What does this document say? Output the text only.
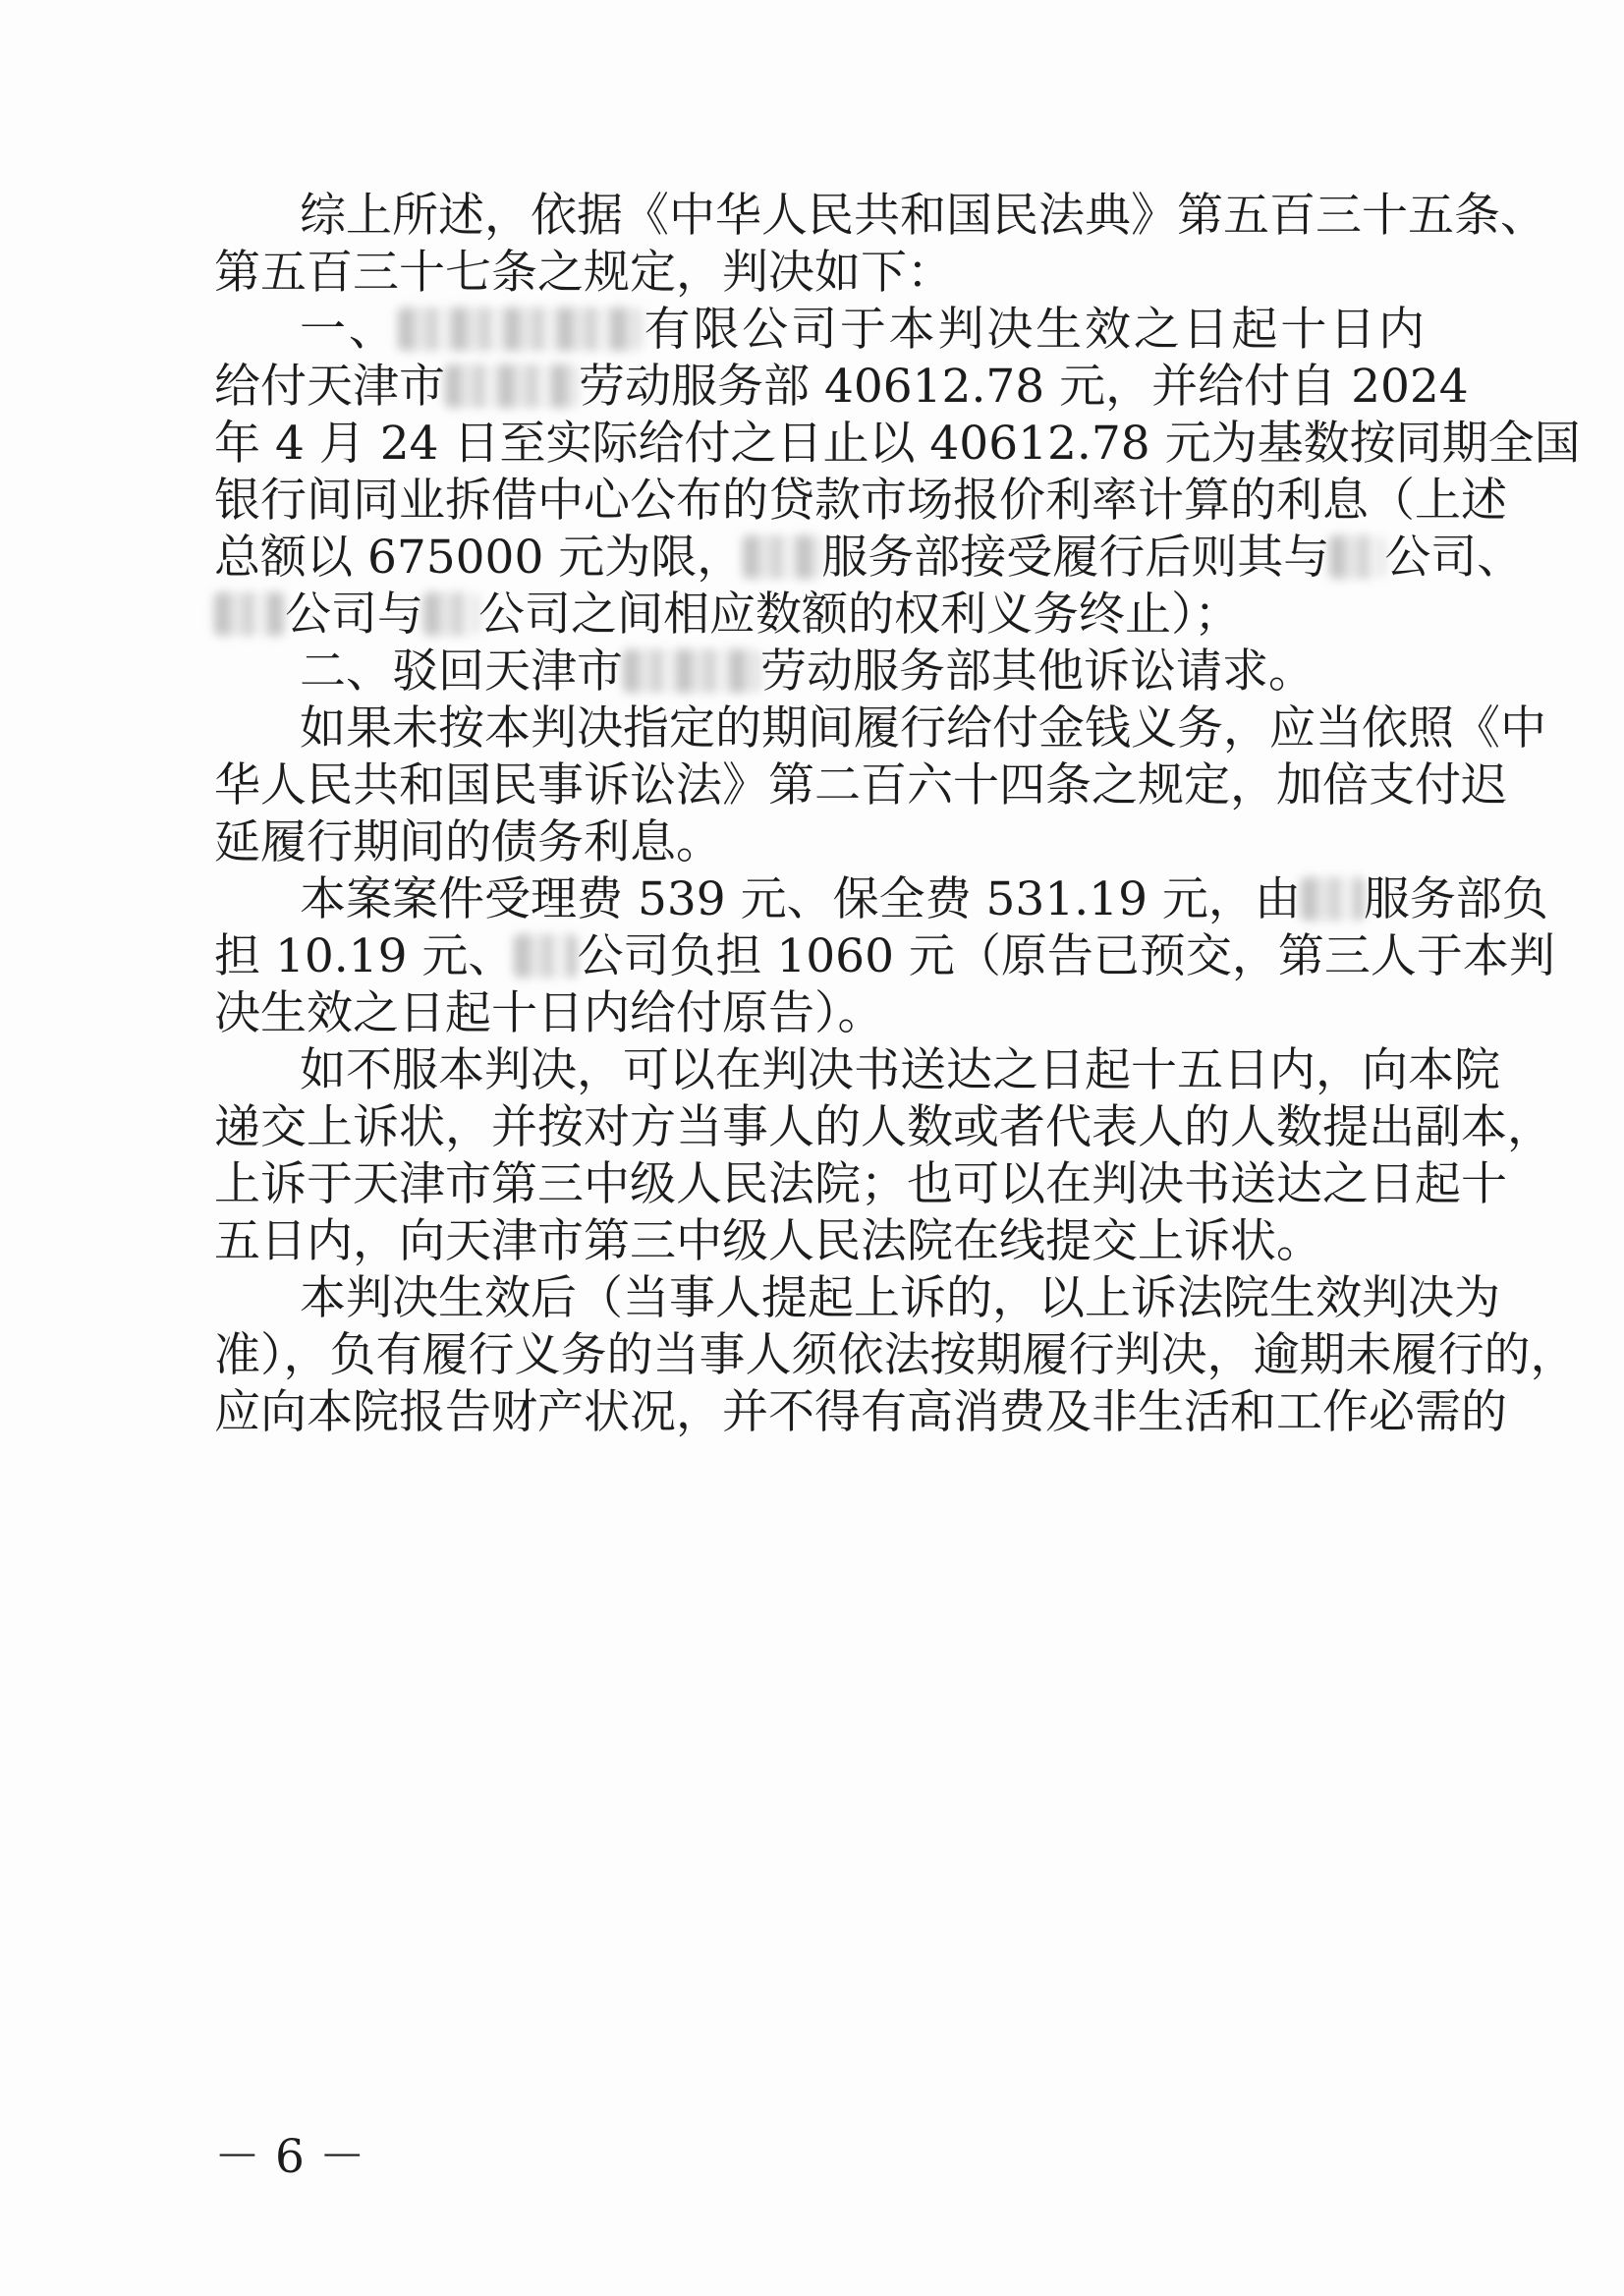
综上所述，依据《中华人民共和国民法典》第五百三十五条、
第五百三十七条之规定，判决如下：
一、	有限公司于本判决生效之日起十日内
给付天津市	劳动服务部 40612.78 元，并给付自 2024
年 4 月 24 日至实际给付之日止以 40612.78 元为基数按同期全国
银行间同业拆借中心公布的贷款市场报价利率计算的利息（上述
总额以 675000 元为限， 服务部接受履行后则其与 公司、
公司与 公司之间相应数额的权利义务终止）；
二、驳回天津市	劳动服务部其他诉讼请求。
如果未按本判决指定的期间履行给付金钱义务，应当依照《中
华人民共和国民事诉讼法》第二百六十四条之规定，加倍支付迟
延履行期间的债务利息。
本案案件受理费 539 元、保全费 531.19 元，由 服务部负
担 10.19 元、 公司负担 1060 元（原告已预交，第三人于本判
决生效之日起十日内给付原告）。
如不服本判决，可以在判决书送达之日起十五日内，向本院
递交上诉状，并按对方当事人的人数或者代表人的人数提出副本，
上诉于天津市第三中级人民法院；也可以在判决书送达之日起十
五日内，向天津市第三中级人民法院在线提交上诉状。
本判决生效后（当事人提起上诉的，以上诉法院生效判决为
准），负有履行义务的当事人须依法按期履行判决，逾期未履行的，
应向本院报告财产状况，并不得有高消费及非生活和工作必需的
－ 6 －
